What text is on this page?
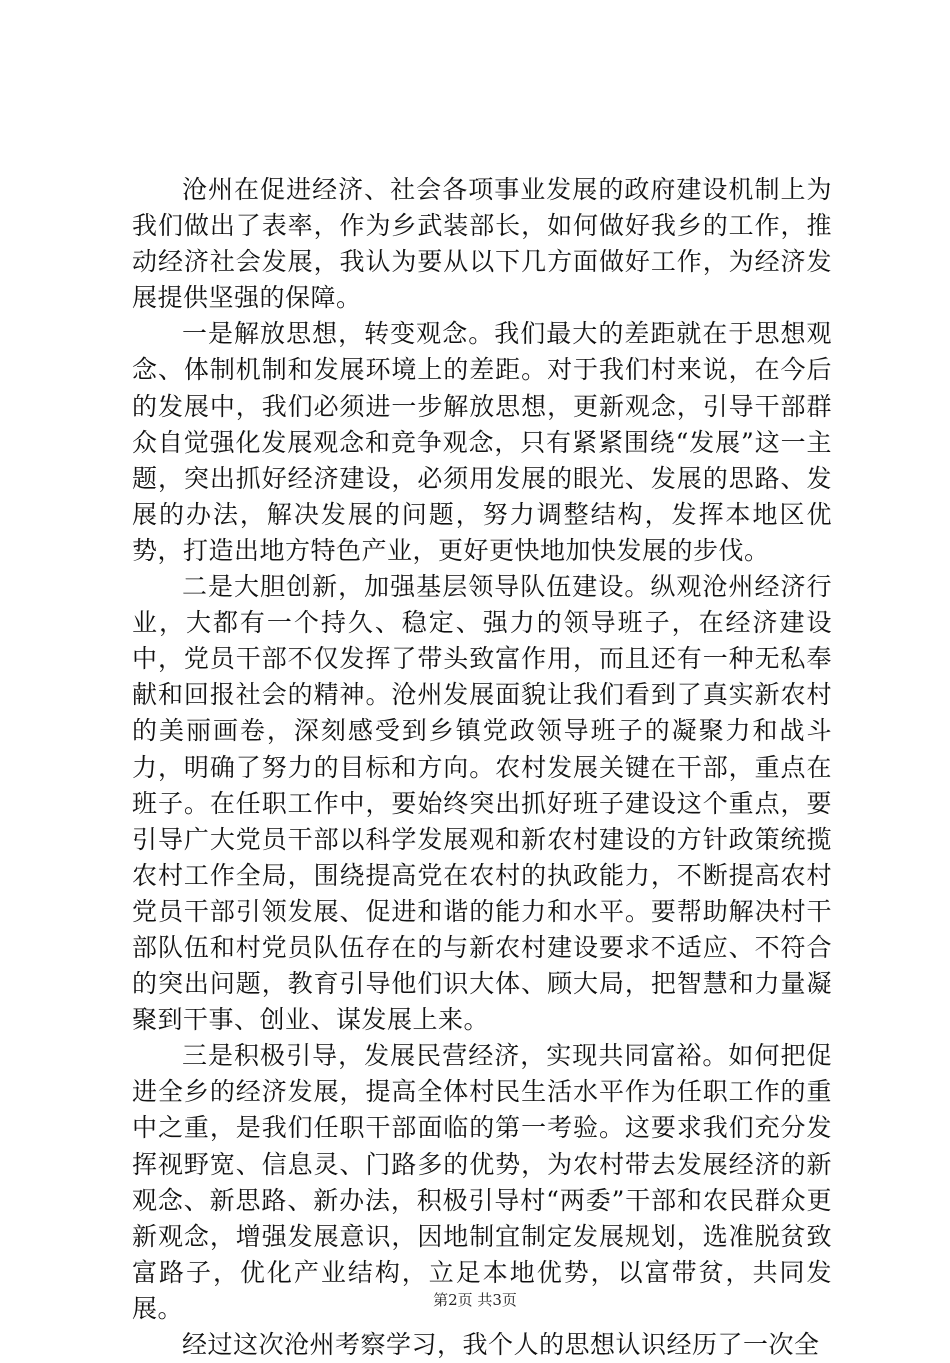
沧州在促进经济、社会各项事业发展的政府建设机制上为我们做出了表率，作为乡武装部长，如何做好我乡的工作，推动经济社会发展，我认为要从以下几方面做好工作，为经济发展提供坚强的保障。

一是解放思想，转变观念。我们最大的差距就在于思想观念、体制机制和发展环境上的差距。对于我们村来说，在今后的发展中，我们必须进一步解放思想，更新观念，引导干部群众自觉强化发展观念和竞争观念，只有紧紧围绕“发展”这一主题，突出抓好经济建设，必须用发展的眼光、发展的思路、发展的办法，解决发展的问题，努力调整结构，发挥本地区优势，打造出地方特色产业，更好更快地加快发展的步伐。

二是大胆创新，加强基层领导队伍建设。纵观沧州经济行业，大都有一个持久、稳定、强力的领导班子，在经济建设中，党员干部不仅发挥了带头致富作用，而且还有一种无私奉献和回报社会的精神。沧州发展面貌让我们看到了真实新农村的美丽画卷，深刻感受到乡镇党政领导班子的凝聚力和战斗力，明确了努力的目标和方向。农村发展关键在干部，重点在班子。在任职工作中，要始终突出抓好班子建设这个重点，要引导广大党员干部以科学发展观和新农村建设的方针政策统揽农村工作全局，围绕提高党在农村的执政能力，不断提高农村党员干部引领发展、促进和谐的能力和水平。要帮助解决村干部队伍和村党员队伍存在的与新农村建设要求不适应、不符合的突出问题，教育引导他们识大体、顾大局，把智慧和力量凝聚到干事、创业、谋发展上来。

三是积极引导，发展民营经济，实现共同富裕。如何把促进全乡的经济发展，提高全体村民生活水平作为任职工作的重中之重，是我们任职干部面临的第一考验。这要求我们充分发挥视野宽、信息灵、门路多的优势，为农村带去发展经济的新观念、新思路、新办法，积极引导村“两委”干部和农民群众更新观念，增强发展意识，因地制宜制定发展规划，选准脱贫致富路子，优化产业结构，立足本地优势，以富带贫，共同发展。

经过这次沧州考察学习，我个人的思想认识经历了一次全

第2页 共3页
